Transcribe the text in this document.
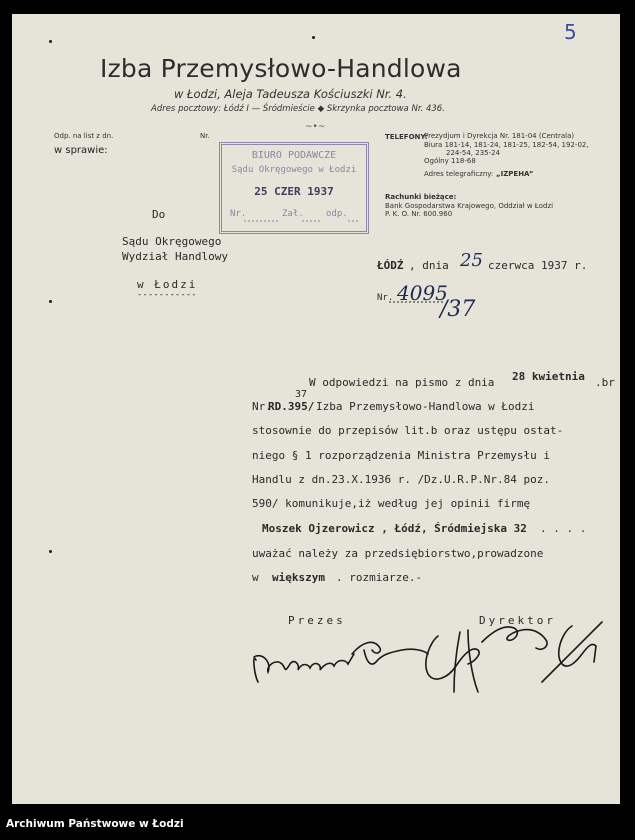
5
Izba Przemysłowo-Handlowa
w Łodzi, Aleja Tadeusza Kościuszki Nr. 4.
Adres pocztowy: Łódź I — Śródmieście ◆ Skrzynka pocztowa Nr. 436.
~•~
Odp. na list z dn.	Nr.
w sprawie:
TELEFONY:
Prezydjum i Dyrekcja Nr. 181-04 (Centrala)
Biura 181-14, 181-24, 181-25, 182-54, 192-02,
224-54, 235-24
Ogólny 118-68
Adres telegraficzny: „IZPEHA”
Rachunki bieżące:
Bank Gospodarstwa Krajowego, Oddział w Łodzi
P. K. O. Nr. 600.960
BIURO PODAWCZE
Sądu Okręgowego w Łodzi
25 CZER 1937
Nr.	Zał. odp.
Do
Sądu Okręgowego
Wydział Handlowy
w Łodzi
-----------
ŁÓDŹ , dnia 25 czerwca 1937 r.
Nr. 4095
/37
W odpowiedzi na pismo z dnia 28 kwietnia .br
Nr.
RD.395/
37
Izba Przemysłowo-Handlowa w Łodzi
stosownie do przepisów lit.b oraz ustępu ostat-
niego § 1 rozporządzenia Ministra Przemysłu i
Handlu z dn.23.X.1936 r. /Dz.U.R.P.Nr.84 poz.
590/ komunikuje,iż według jej opinii firmę
Moszek Ojzerowicz , Łódź, Śródmiejska 32 . . . .
uważać należy za przedsiębiorstwo,prowadzone
w większym . rozmiarze.-
Prezes	Dyrektor
Archiwum Państwowe w Łodzi
